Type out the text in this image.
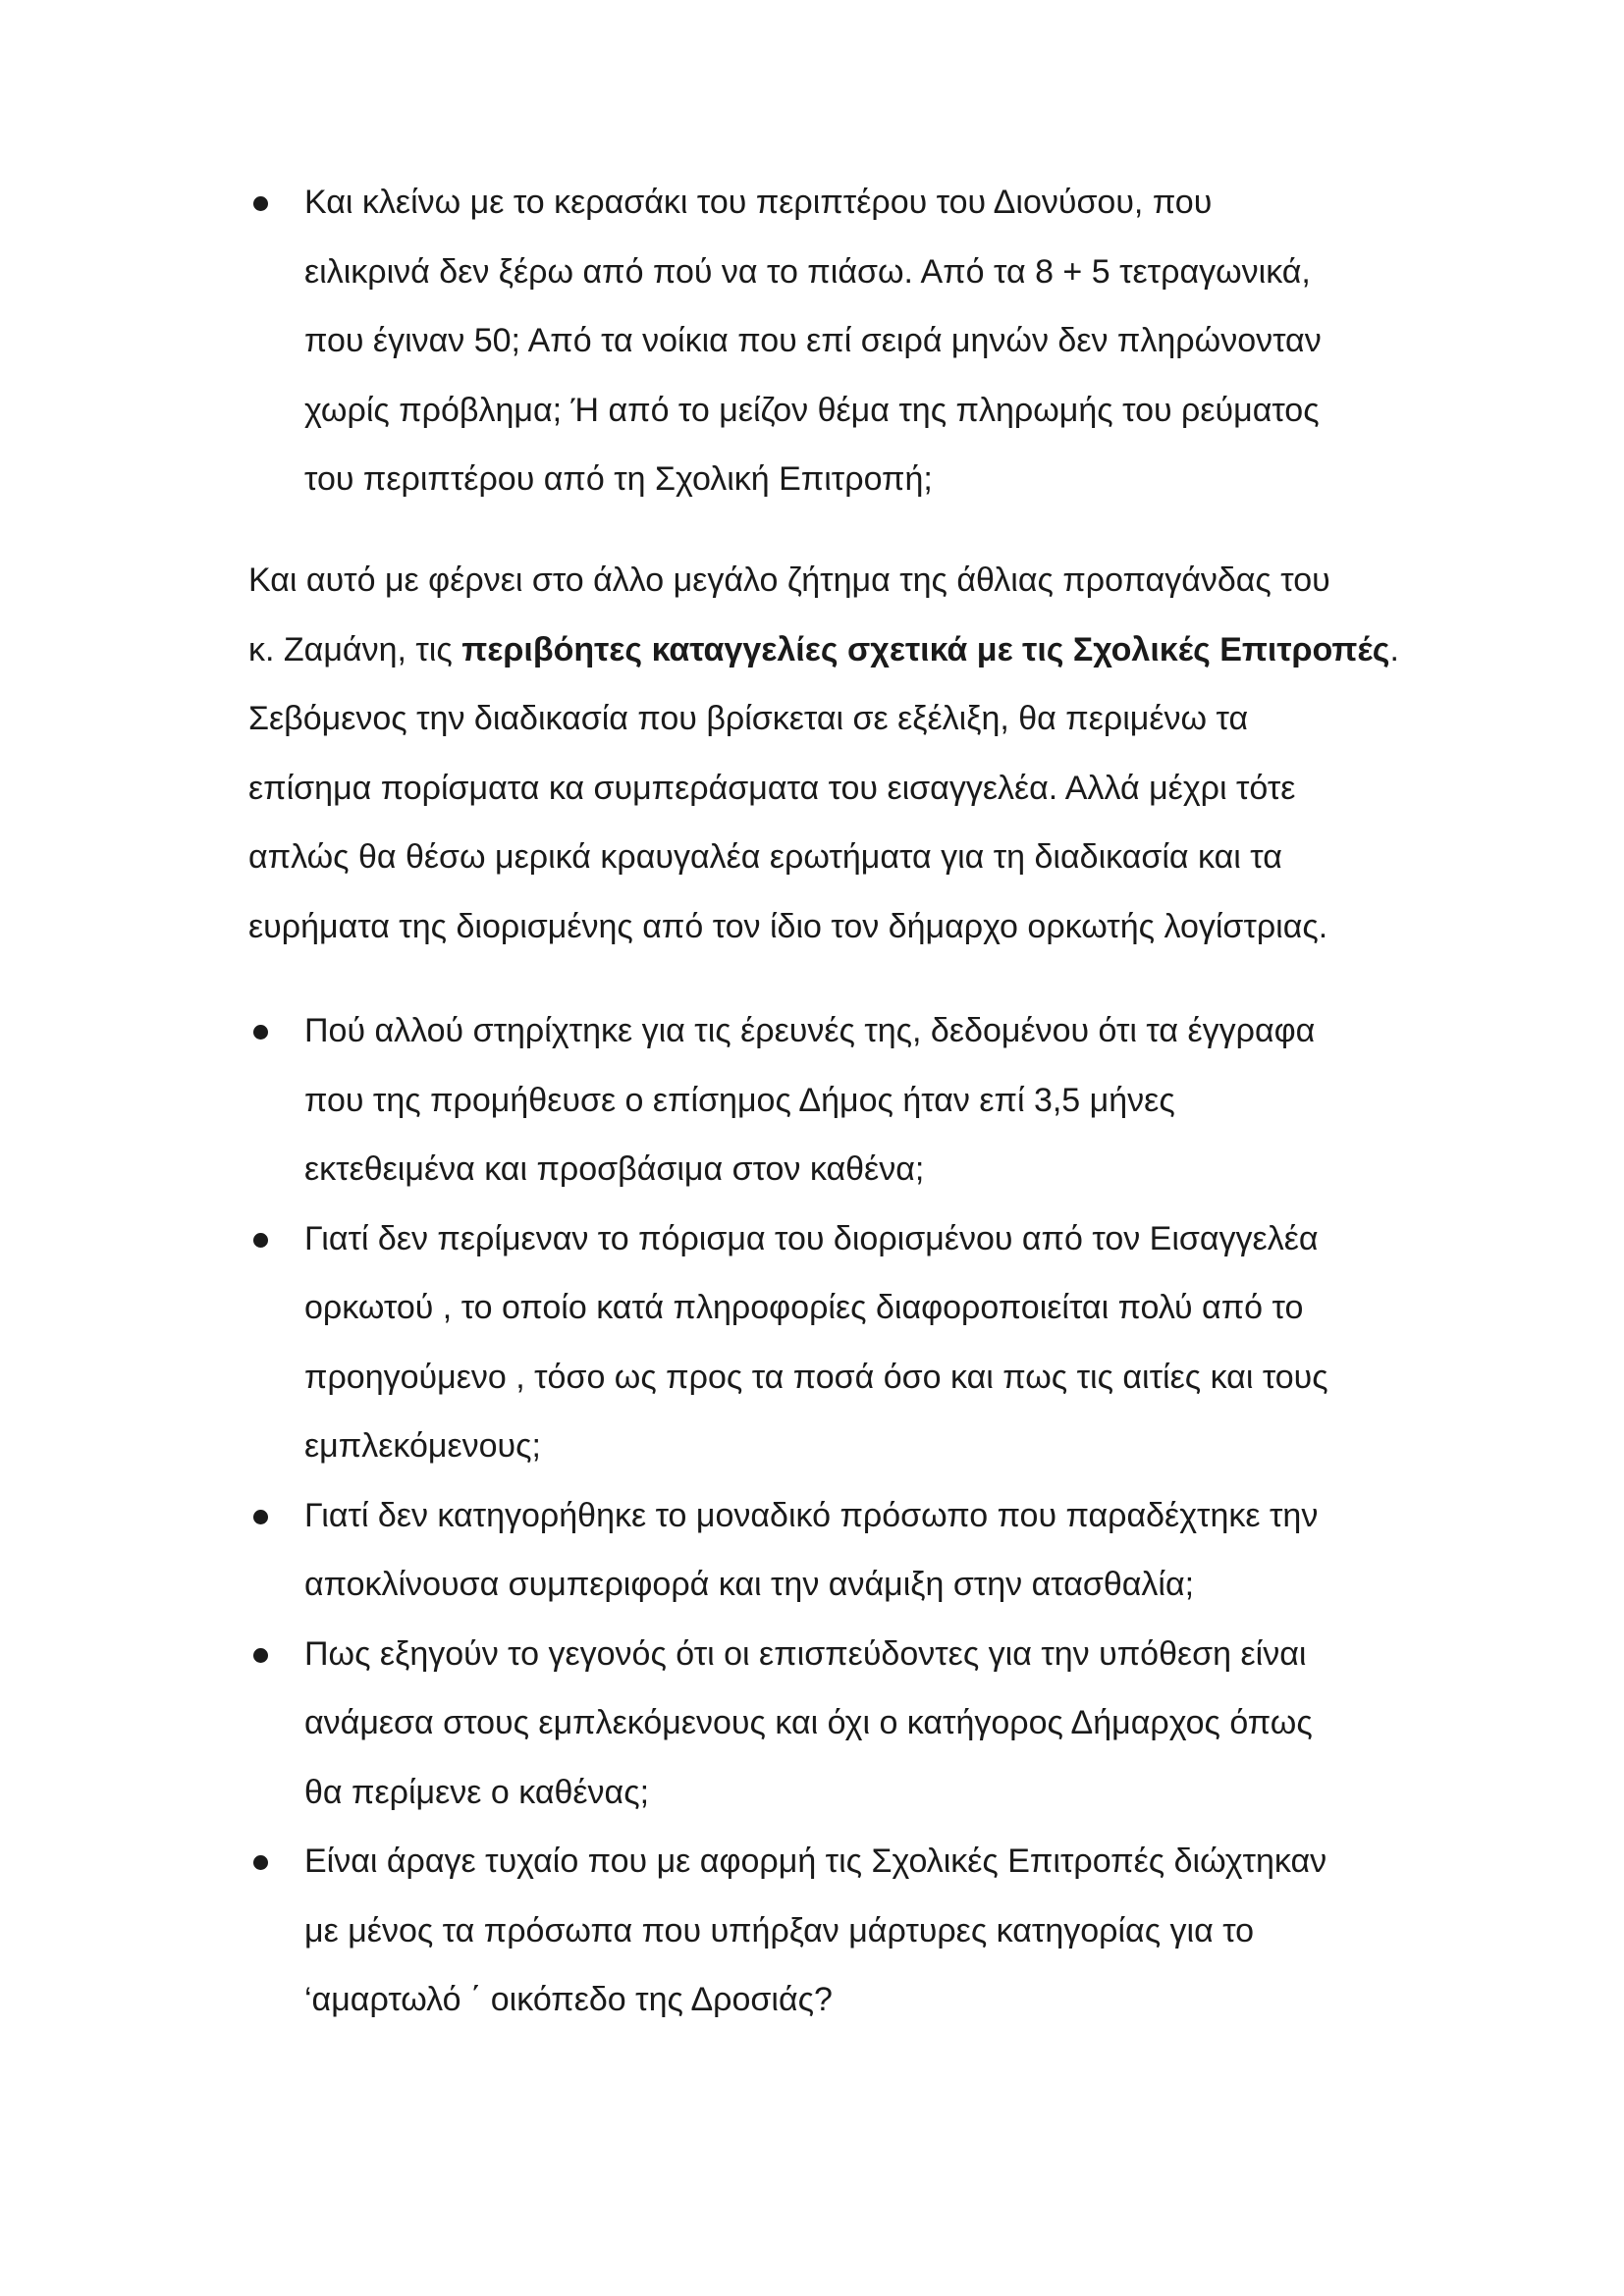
Και κλείνω με το κερασάκι του περιπτέρου του Διονύσου, που
ειλικρινά δεν ξέρω από πού να το πιάσω. Από τα 8 + 5 τετραγωνικά,
που έγιναν 50; Από τα νοίκια που επί σειρά μηνών δεν πληρώνονταν
χωρίς πρόβλημα; Ή από το μείζον θέμα της πληρωμής του ρεύματος
του περιπτέρου από τη Σχολική Επιτροπή;
Και αυτό με φέρνει στο άλλο μεγάλο ζήτημα της άθλιας προπαγάνδας του
κ. Ζαμάνη, τις περιβόητες καταγγελίες σχετικά με τις Σχολικές Επιτροπές.
Σεβόμενος την διαδικασία που βρίσκεται σε εξέλιξη, θα περιμένω τα
επίσημα πορίσματα κα συμπεράσματα του εισαγγελέα. Αλλά μέχρι τότε
απλώς θα θέσω μερικά κραυγαλέα ερωτήματα για τη διαδικασία και τα
ευρήματα της διορισμένης από τον ίδιο τον δήμαρχο ορκωτής λογίστριας.
Πού αλλού στηρίχτηκε για τις έρευνές της, δεδομένου ότι τα έγγραφα
που της προμήθευσε ο επίσημος Δήμος ήταν επί 3,5 μήνες
εκτεθειμένα και προσβάσιμα στον καθένα;
Γιατί δεν περίμεναν το πόρισμα του διορισμένου από τον Εισαγγελέα
ορκωτού , το οποίο κατά πληροφορίες διαφοροποιείται πολύ από το
προηγούμενο , τόσο ως προς τα ποσά όσο και πως τις αιτίες και τους
εμπλεκόμενους;
Γιατί δεν κατηγορήθηκε το μοναδικό πρόσωπο που παραδέχτηκε την
αποκλίνουσα συμπεριφορά και την ανάμιξη στην ατασθαλία;
Πως εξηγούν το γεγονός ότι οι επισπεύδοντες για την υπόθεση είναι
ανάμεσα στους εμπλεκόμενους και όχι ο κατήγορος Δήμαρχος όπως
θα περίμενε ο καθένας;
Είναι άραγε τυχαίο που με αφορμή τις Σχολικές Επιτροπές διώχτηκαν
με μένος τα πρόσωπα που υπήρξαν μάρτυρες κατηγορίας για το
‘αμαρτωλό ΄ οικόπεδο της Δροσιάς?
